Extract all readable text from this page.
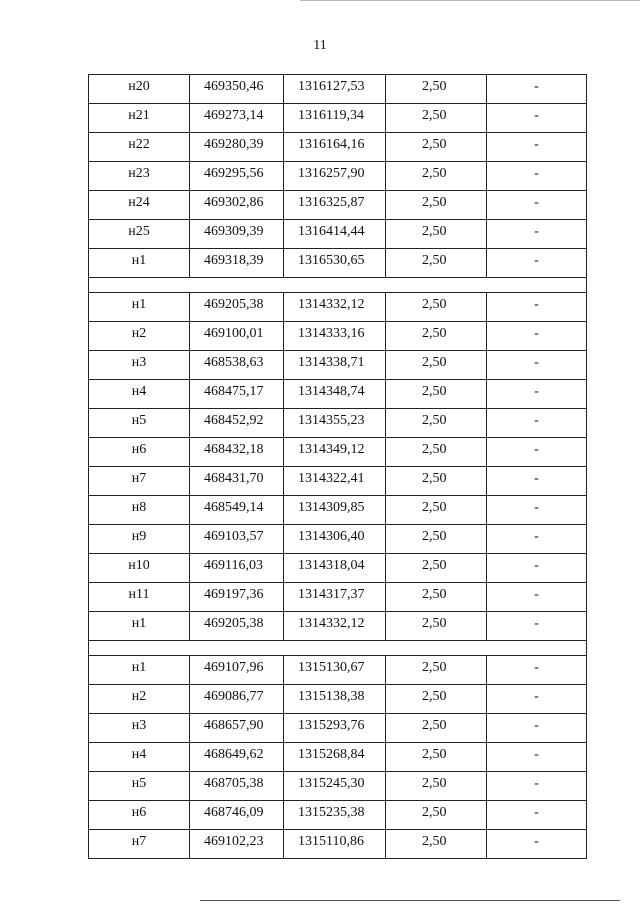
11
н20	469350,46	1316127,53	2,50	-
н21	469273,14	1316119,34	2,50	-
н22	469280,39	1316164,16	2,50	-
н23	469295,56	1316257,90	2,50	-
н24	469302,86	1316325,87	2,50	-
н25	469309,39	1316414,44	2,50	-
н1	469318,39	1316530,65	2,50	-

н1	469205,38	1314332,12	2,50	-
н2	469100,01	1314333,16	2,50	-
н3	468538,63	1314338,71	2,50	-
н4	468475,17	1314348,74	2,50	-
н5	468452,92	1314355,23	2,50	-
н6	468432,18	1314349,12	2,50	-
н7	468431,70	1314322,41	2,50	-
н8	468549,14	1314309,85	2,50	-
н9	469103,57	1314306,40	2,50	-
н10	469116,03	1314318,04	2,50	-
н11	469197,36	1314317,37	2,50	-
н1	469205,38	1314332,12	2,50	-

н1	469107,96	1315130,67	2,50	-
н2	469086,77	1315138,38	2,50	-
н3	468657,90	1315293,76	2,50	-
н4	468649,62	1315268,84	2,50	-
н5	468705,38	1315245,30	2,50	-
н6	468746,09	1315235,38	2,50	-
н7	469102,23	1315110,86	2,50	-
